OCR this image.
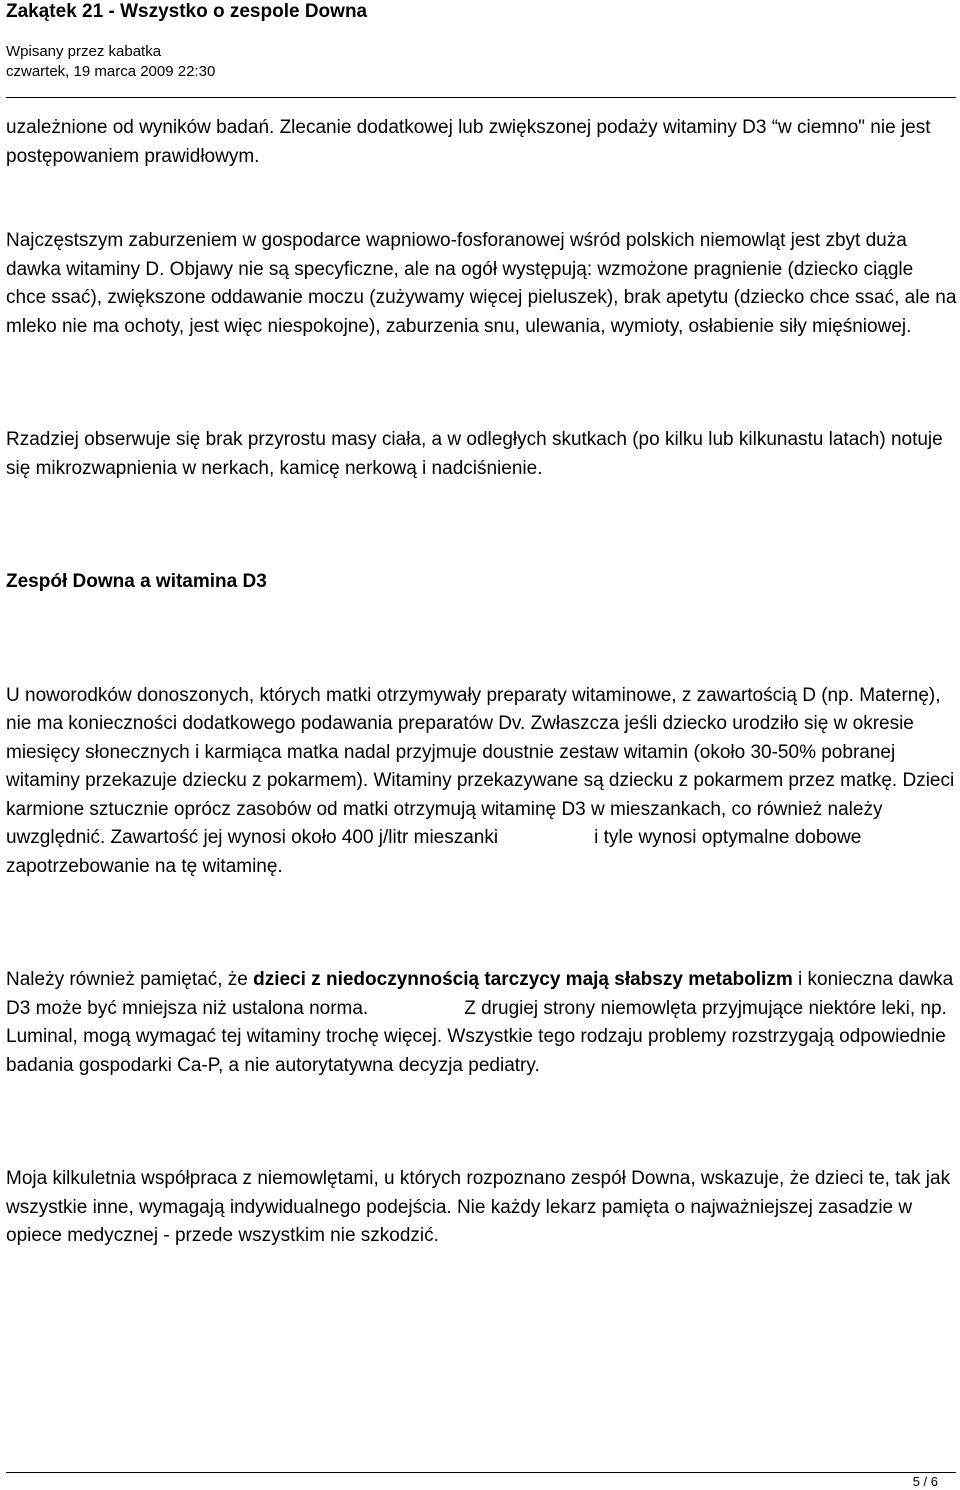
Zakątek 21 - Wszystko o zespole Downa
Wpisany przez kabatka
czwartek, 19 marca 2009 22:30

uzależnione od wyników badań. Zlecanie dodatkowej lub zwiększonej podaży witaminy D3 “w ciemno" nie jest postępowaniem prawidłowym.

Najczęstszym zaburzeniem w gospodarce wapniowo-fosforanowej wśród polskich niemowląt jest zbyt duża dawka witaminy D. Objawy nie są specyficzne, ale na ogół występują: wzmożone pragnienie (dziecko ciągle chce ssać), zwiększone oddawanie moczu (zużywamy więcej pieluszek), brak apetytu (dziecko chce ssać, ale na mleko nie ma ochoty, jest więc niespokojne), zaburzenia snu, ulewania, wymioty, osłabienie siły mięśniowej.

Rzadziej obserwuje się brak przyrostu masy ciała, a w odległych skutkach (po kilku lub kilkunastu latach) notuje się mikrozwapnienia w nerkach, kamicę nerkową i nadciśnienie.

Zespół Downa a witamina D3

U noworodków donoszonych, których matki otrzymywały preparaty witaminowe, z zawartością D (np. Maternę), nie ma konieczności dodatkowego podawania preparatów Dv. Zwłaszcza jeśli dziecko urodziło się w okresie miesięcy słonecznych i karmiąca matka nadal przyjmuje doustnie zestaw witamin (około 30-50% pobranej witaminy przekazuje dziecku z pokarmem). Witaminy przekazywane są dziecku z pokarmem przez matkę. Dzieci karmione sztucznie oprócz zasobów od matki otrzymują witaminę D3 w mieszankach, co również należy uwzględnić. Zawartość jej wynosi około 400 j/litr mieszanki	i tyle wynosi optymalne dobowe zapotrzebowanie na tę witaminę.

Należy również pamiętać, że dzieci z niedoczynnością tarczycy mają słabszy metabolizm i konieczna dawka D3 może być mniejsza niż ustalona norma.	Z drugiej strony niemowlęta przyjmujące niektóre leki, np. Luminal, mogą wymagać tej witaminy trochę więcej. Wszystkie tego rodzaju problemy rozstrzygają odpowiednie badania gospodarki Ca-P, a nie autorytatywna decyzja pediatry.

Moja kilkuletnia współpraca z niemowlętami, u których rozpoznano zespół Downa, wskazuje, że dzieci te, tak jak wszystkie inne, wymagają indywidualnego podejścia. Nie każdy lekarz pamięta o najważniejszej zasadzie w opiece medycznej - przede wszystkim nie szkodzić.

5 / 6
